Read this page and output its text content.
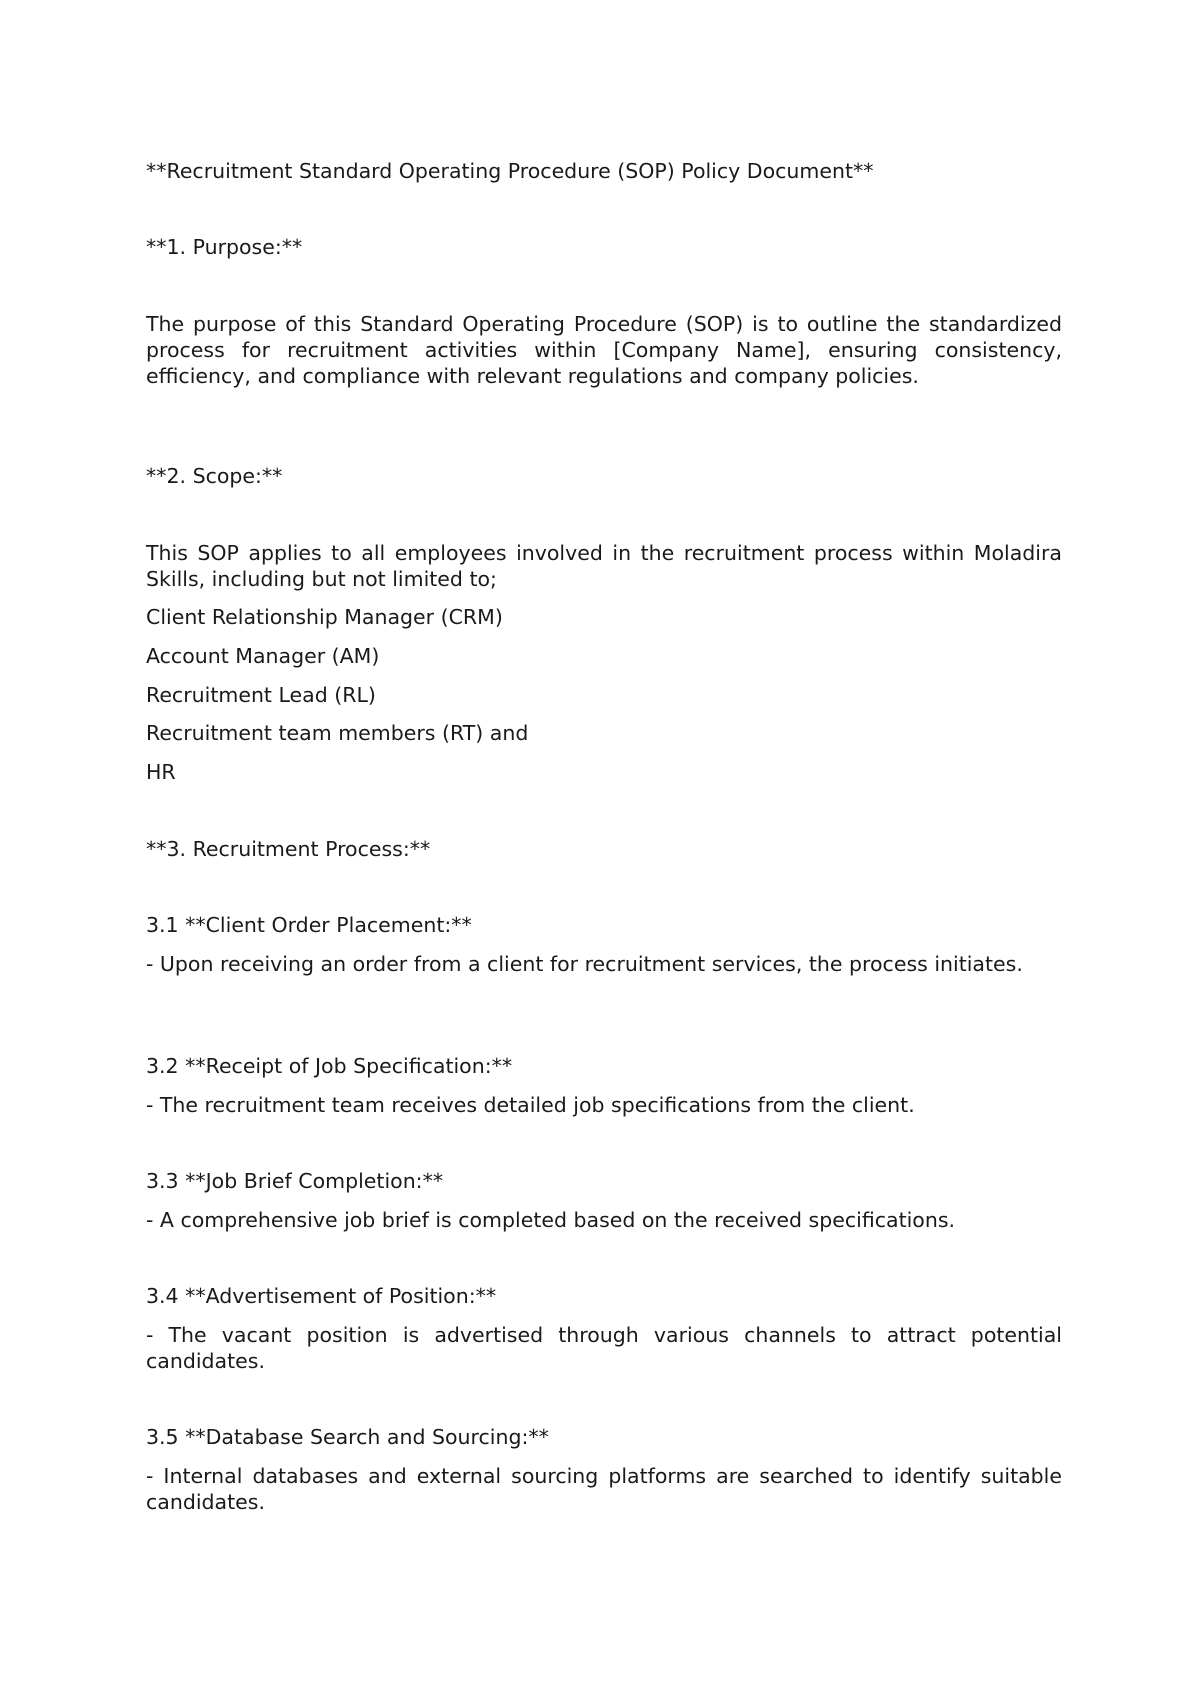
**Recruitment Standard Operating Procedure (SOP) Policy Document**

**1. Purpose:**

The purpose of this Standard Operating Procedure (SOP) is to outline the standardized process for recruitment activities within [Company Name], ensuring consistency, efficiency, and compliance with relevant regulations and company policies.

**2. Scope:**

This SOP applies to all employees involved in the recruitment process within Moladira Skills, including but not limited to;

Client Relationship Manager (CRM)

Account Manager (AM)

Recruitment Lead (RL)

Recruitment team members (RT) and

HR

**3. Recruitment Process:**

3.1 **Client Order Placement:**

- Upon receiving an order from a client for recruitment services, the process initiates.

3.2 **Receipt of Job Specification:**

- The recruitment team receives detailed job specifications from the client.

3.3 **Job Brief Completion:**

- A comprehensive job brief is completed based on the received specifications.

3.4 **Advertisement of Position:**

- The vacant position is advertised through various channels to attract potential candidates.

3.5 **Database Search and Sourcing:**

- Internal databases and external sourcing platforms are searched to identify suitable candidates.
